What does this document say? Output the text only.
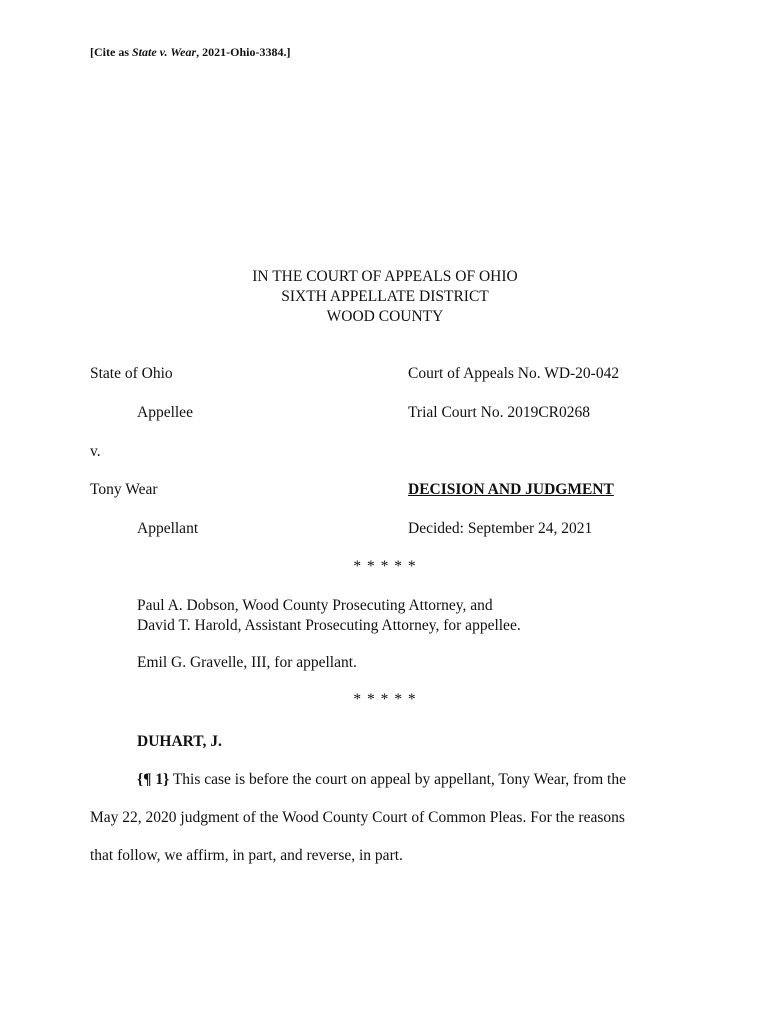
[Cite as State v. Wear, 2021-Ohio-3384.]
IN THE COURT OF APPEALS OF OHIO
SIXTH APPELLATE DISTRICT
WOOD COUNTY
State of Ohio
Appellee
v.
Tony Wear
Appellant
Court of Appeals No. WD-20-042
Trial Court No. 2019CR0268
DECISION AND JUDGMENT
Decided: September 24, 2021
* * * * *
Paul A. Dobson, Wood County Prosecuting Attorney, and
David T. Harold, Assistant Prosecuting Attorney, for appellee.
Emil G. Gravelle, III, for appellant.
* * * * *
DUHART, J.
{¶ 1} This case is before the court on appeal by appellant, Tony Wear, from the
May 22, 2020 judgment of the Wood County Court of Common Pleas. For the reasons
that follow, we affirm, in part, and reverse, in part.
